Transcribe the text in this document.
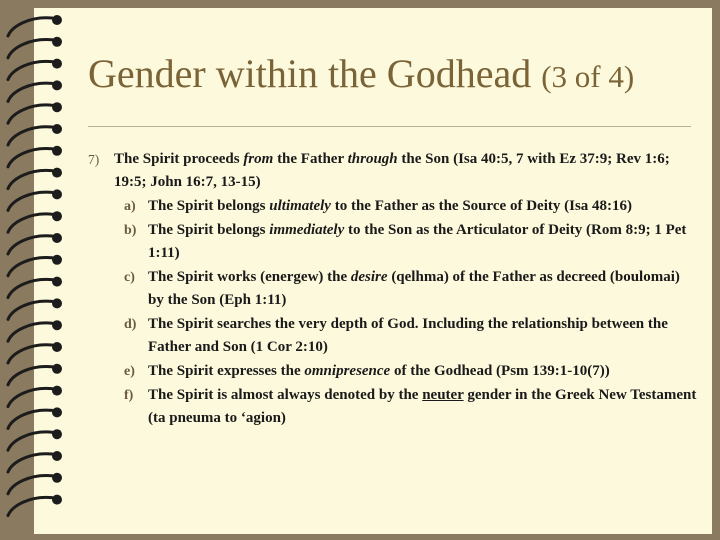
Gender within the Godhead (3 of 4)
7) The Spirit proceeds from the Father through the Son (Isa 40:5, 7 with Ez 37:9; Rev 1:6; 19:5; John 16:7, 13-15)
a) The Spirit belongs ultimately to the Father as the Source of Deity (Isa 48:16)
b) The Spirit belongs immediately to the Son as the Articulator of Deity (Rom 8:9; 1 Pet 1:11)
c) The Spirit works (energew) the desire (qelhma) of the Father as decreed (boulomai) by the Son (Eph 1:11)
d) The Spirit searches the very depth of God. Including the relationship between the Father and Son (1 Cor 2:10)
e) The Spirit expresses the omnipresence of the Godhead (Psm 139:1-10(7))
f) The Spirit is almost always denoted by the neuter gender in the Greek New Testament (ta pneuma to ‘agion)
